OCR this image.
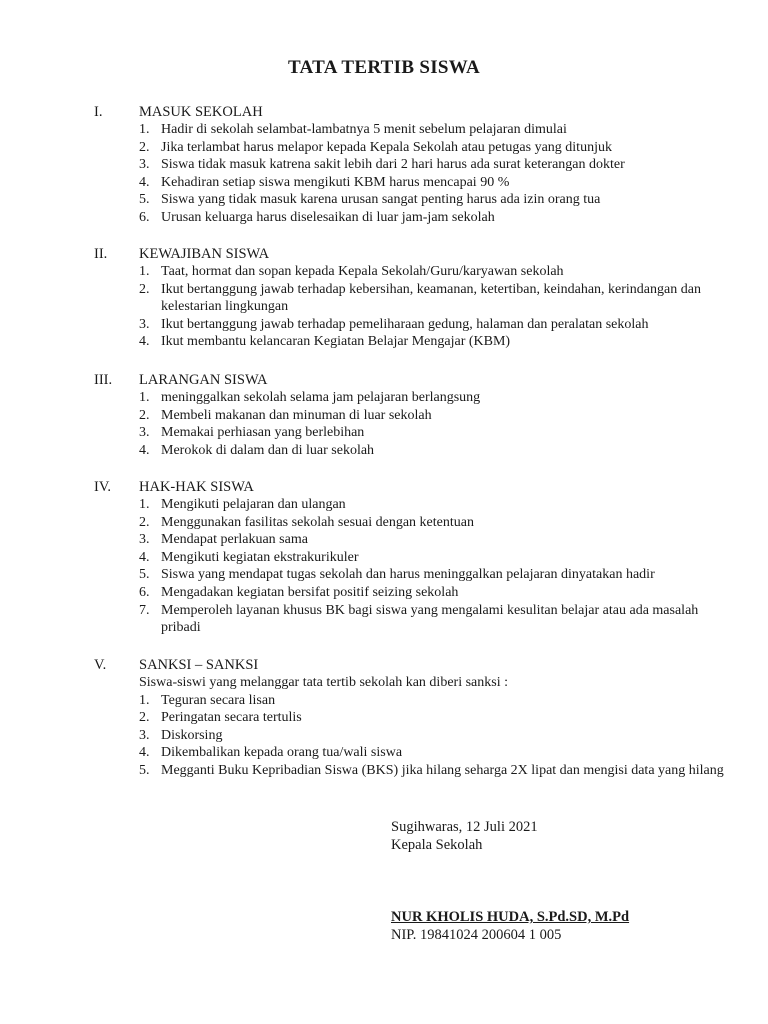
TATA TERTIB SISWA
I.	MASUK SEKOLAH
1. Hadir di sekolah selambat-lambatnya 5 menit sebelum pelajaran dimulai
2. Jika terlambat harus melapor kepada Kepala Sekolah atau petugas yang ditunjuk
3. Siswa tidak masuk katrena sakit lebih dari 2 hari harus ada surat keterangan dokter
4. Kehadiran setiap siswa mengikuti KBM harus mencapai 90 %
5. Siswa yang tidak masuk karena urusan sangat penting harus ada izin orang tua
6. Urusan keluarga harus diselesaikan di luar jam-jam sekolah
II.	KEWAJIBAN SISWA
1. Taat, hormat dan sopan kepada Kepala Sekolah/Guru/karyawan sekolah
2. Ikut bertanggung jawab terhadap kebersihan, keamanan, ketertiban, keindahan, kerindangan dan kelestarian lingkungan
3. Ikut bertanggung jawab terhadap pemeliharaan gedung, halaman dan peralatan sekolah
4. Ikut membantu kelancaran Kegiatan Belajar Mengajar (KBM)
III.	LARANGAN SISWA
1. meninggalkan sekolah selama jam pelajaran berlangsung
2. Membeli makanan dan minuman di luar sekolah
3. Memakai perhiasan yang berlebihan
4. Merokok di dalam dan di luar sekolah
IV.	HAK-HAK SISWA
1. Mengikuti pelajaran dan ulangan
2. Menggunakan fasilitas sekolah sesuai dengan ketentuan
3. Mendapat perlakuan sama
4. Mengikuti kegiatan ekstrakurikuler
5. Siswa yang mendapat tugas sekolah dan harus meninggalkan pelajaran dinyatakan hadir
6. Mengadakan kegiatan bersifat positif seizing sekolah
7. Memperoleh layanan khusus BK bagi siswa yang mengalami kesulitan belajar atau ada masalah pribadi
V.	SANKSI – SANKSI
Siswa-siswi yang melanggar tata tertib sekolah kan diberi sanksi :
1. Teguran secara lisan
2. Peringatan secara tertulis
3. Diskorsing
4. Dikembalikan kepada orang tua/wali siswa
5. Megganti Buku Kepribadian Siswa (BKS) jika hilang seharga 2X lipat dan mengisi data yang hilang
Sugihwaras, 12 Juli 2021
Kepala Sekolah
NUR KHOLIS HUDA, S.Pd.SD, M.Pd
NIP. 19841024 200604 1 005
